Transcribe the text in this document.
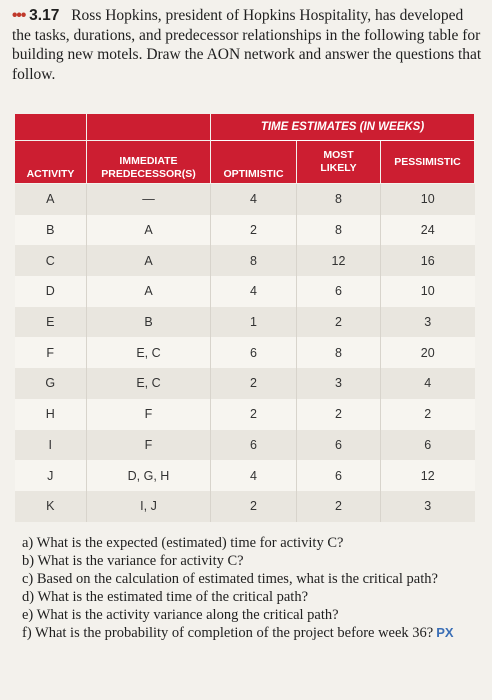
••• 3.17 Ross Hopkins, president of Hopkins Hospitality, has developed the tasks, durations, and predecessor relationships in the following table for building new motels. Draw the AON network and answer the questions that follow.
		TIME ESTIMATES (IN WEEKS)		
ACTIVITY	IMMEDIATE PREDECESSOR(S)	OPTIMISTIC	MOST LIKELY	PESSIMISTIC
A	—	4	8	10
B	A	2	8	24
C	A	8	12	16
D	A	4	6	10
E	B	1	2	3
F	E, C	6	8	20
G	E, C	2	3	4
H	F	2	2	2
I	F	6	6	6
J	D, G, H	4	6	12
K	I, J	2	2	3
a) What is the expected (estimated) time for activity C?
b) What is the variance for activity C?
c) Based on the calculation of estimated times, what is the critical path?
d) What is the estimated time of the critical path?
e) What is the activity variance along the critical path?
f) What is the probability of completion of the project before week 36? PX
